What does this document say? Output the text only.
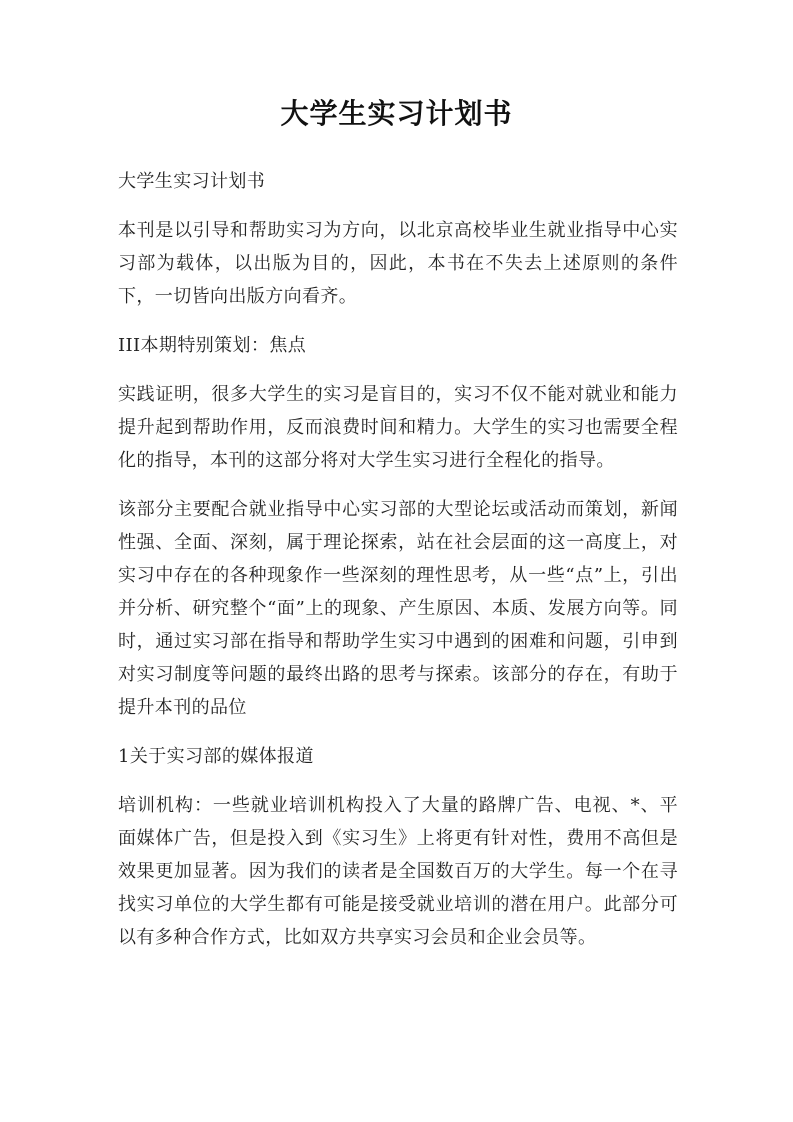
大学生实习计划书

大学生实习计划书

本刊是以引导和帮助实习为方向，以北京高校毕业生就业指导中心实习部为载体，以出版为目的，因此，本书在不失去上述原则的条件下，一切皆向出版方向看齐。

III本期特别策划：焦点

实践证明，很多大学生的实习是盲目的，实习不仅不能对就业和能力提升起到帮助作用，反而浪费时间和精力。大学生的实习也需要全程化的指导，本刊的这部分将对大学生实习进行全程化的指导。

该部分主要配合就业指导中心实习部的大型论坛或活动而策划，新闻性强、全面、深刻，属于理论探索，站在社会层面的这一高度上，对实习中存在的各种现象作一些深刻的理性思考，从一些“点”上，引出并分析、研究整个“面”上的现象、产生原因、本质、发展方向等。同时，通过实习部在指导和帮助学生实习中遇到的困难和问题，引申到对实习制度等问题的最终出路的思考与探索。该部分的存在，有助于提升本刊的品位

1关于实习部的媒体报道

培训机构：一些就业培训机构投入了大量的路牌广告、电视、*、平面媒体广告，但是投入到《实习生》上将更有针对性，费用不高但是效果更加显著。因为我们的读者是全国数百万的大学生。每一个在寻找实习单位的大学生都有可能是接受就业培训的潜在用户。此部分可以有多种合作方式，比如双方共享实习会员和企业会员等。
